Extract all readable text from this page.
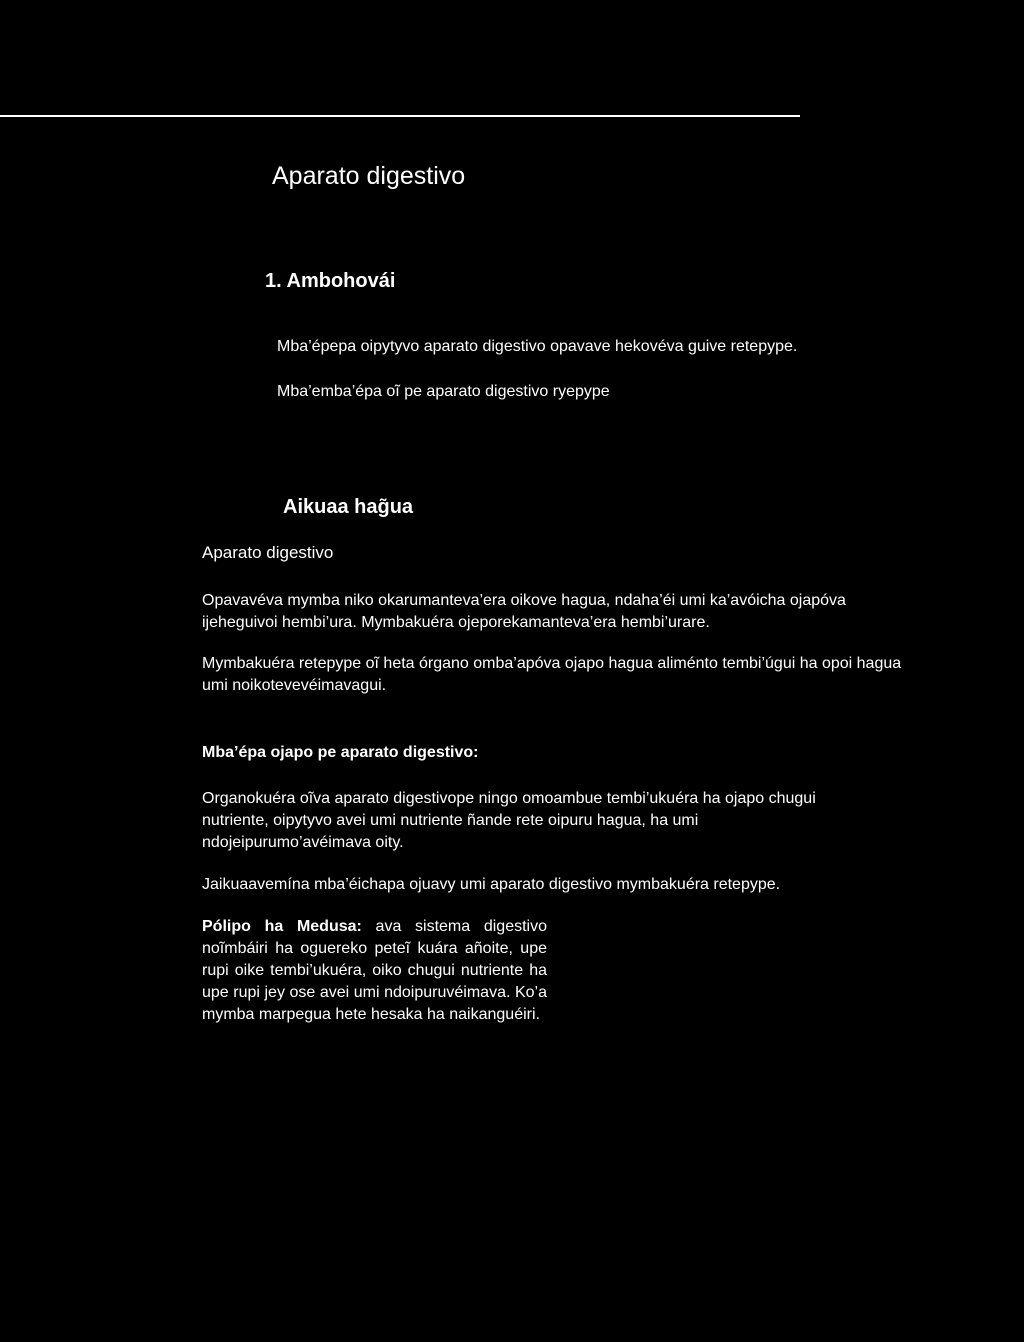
Aparato digestivo
1. Ambohovái
Mba’épepa oipytyvo aparato digestivo opavave hekovéva guive retepype.
Mba’emba’épa oĩ pe aparato digestivo ryepype
Aikuaa hag̃ua
Aparato digestivo
Opavavéva mymba niko okarumanteva’era oikove hagua, ndaha’éi umi ka’avóicha ojapóva ijeheguivoi hembi’ura. Mymbakuéra ojeporekamanteva’era hembi’urare.
Mymbakuéra retepype oĩ heta órgano omba’apóva ojapo hagua aliménto tembi’úgui ha opoi hagua umi noikotevevéimavagui.
Mba’épa ojapo pe aparato digestivo:
Organokuéra oĩva aparato digestivope ningo omoambue tembi’ukuéra ha ojapo chugui nutriente, oipytyvo avei umi nutriente ñande rete oipuru hagua, ha umi ndojeipurumo’avéimava oity.
Jaikuaavemína mba’éichapa ojuavy umi aparato digestivo mymbakuéra retepype.
Pólipo ha Medusa: ava sistema digestivo noĩmbáiri ha oguereko peteĩ kuára añoite, upe rupi oike tembi’ukuéra, oiko chugui nutriente ha upe rupi jey ose avei umi ndoipuruvéimava. Ko’a mymba marpegua hete hesaka ha naikanguéiri.
